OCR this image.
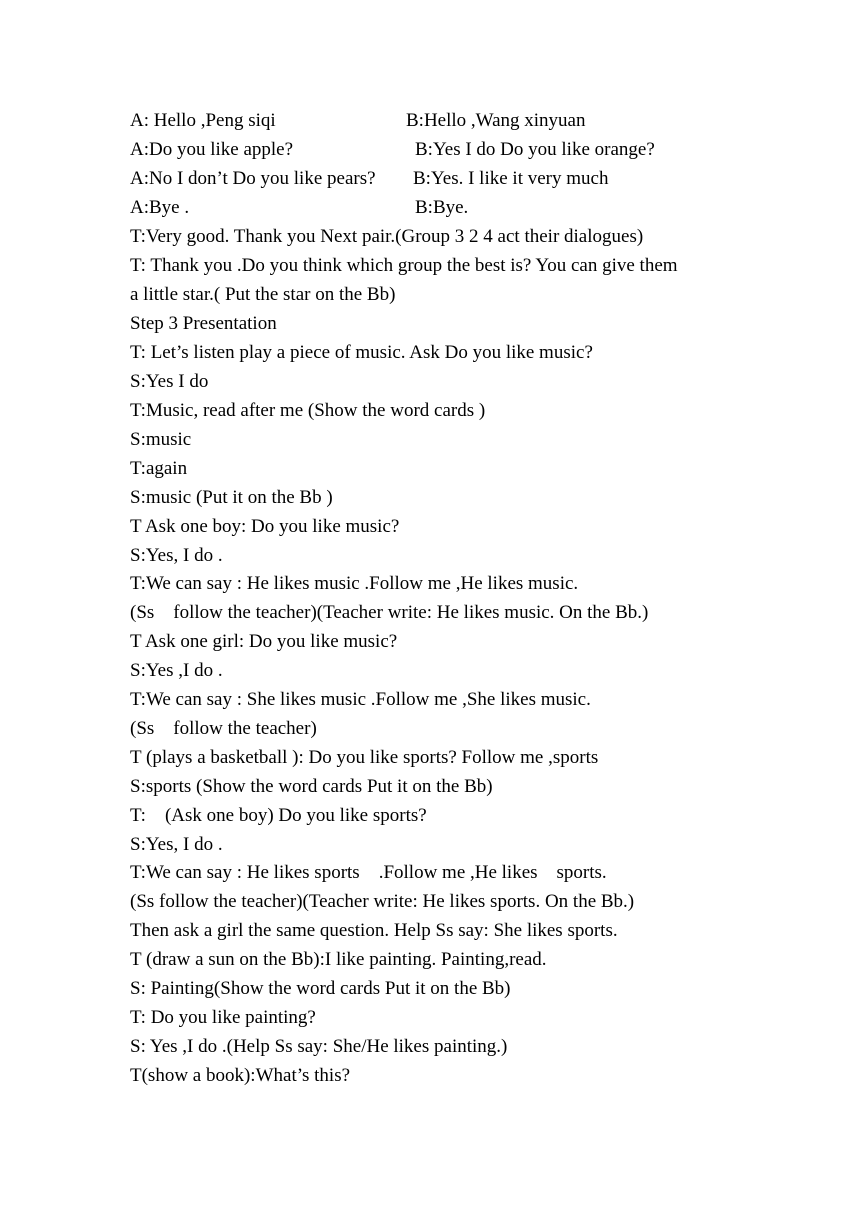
A: Hello ,Peng siqi	B:Hello ,Wang xinyuan
A:Do you like apple?	B:Yes I do Do you like orange?
A:No I don’t Do you like pears? B:Yes. I like it very much
A:Bye .	B:Bye.
T:Very good. Thank you Next pair.(Group 3 2 4 act their dialogues)
T: Thank you .Do you think which group the best is? You can give them
a little star.( Put the star on the Bb)
Step 3 Presentation
T: Let’s listen play a piece of music. Ask Do you like music?
S:Yes I do
T:Music, read after me (Show the word cards )
S:music
T:again
S:music (Put it on the Bb )
T Ask one boy: Do you like music?
S:Yes, I do .
T:We can say : He likes music .Follow me ,He likes music.
(Ss    follow the teacher)(Teacher write: He likes music. On the Bb.)
T Ask one girl: Do you like music?
S:Yes ,I do .
T:We can say : She likes music .Follow me ,She likes music.
(Ss    follow the teacher)
T (plays a basketball ): Do you like sports? Follow me ,sports
S:sports (Show the word cards Put it on the Bb)
T:    (Ask one boy) Do you like sports?
S:Yes, I do .
T:We can say : He likes sports    .Follow me ,He likes    sports.
(Ss follow the teacher)(Teacher write: He likes sports. On the Bb.)
Then ask a girl the same question. Help Ss say: She likes sports.
T (draw a sun on the Bb):I like painting. Painting,read.
S: Painting(Show the word cards Put it on the Bb)
T: Do you like painting?
S: Yes ,I do .(Help Ss say: She/He likes painting.)
T(show a book):What’s this?
